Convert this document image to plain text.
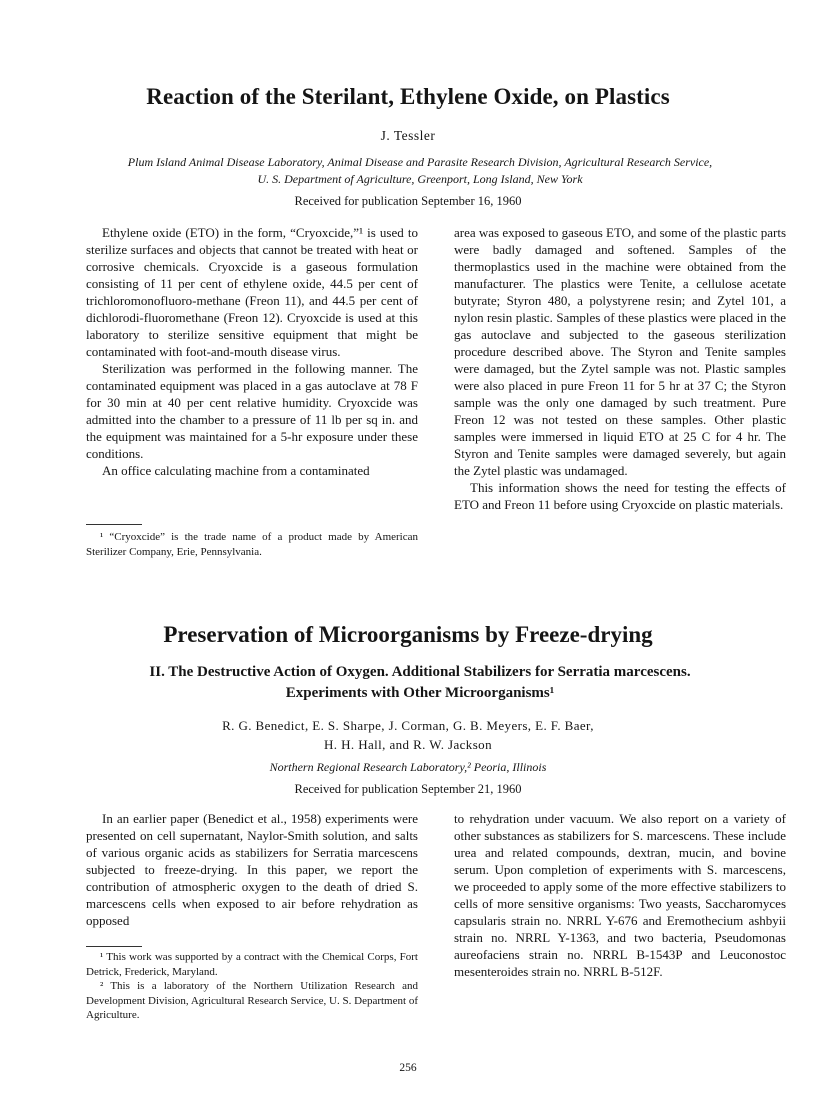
Reaction of the Sterilant, Ethylene Oxide, on Plastics
J. Tessler
Plum Island Animal Disease Laboratory, Animal Disease and Parasite Research Division, Agricultural Research Service,
U. S. Department of Agriculture, Greenport, Long Island, New York
Received for publication September 16, 1960

Ethylene oxide (ETO) in the form, “Cryoxcide,”¹ is used to sterilize surfaces and objects that cannot be treated with heat or corrosive chemicals. Cryoxcide is a gaseous formulation consisting of 11 per cent of ethylene oxide, 44.5 per cent of trichloromonofluoro-methane (Freon 11), and 44.5 per cent of dichlorodi-fluoromethane (Freon 12). Cryoxcide is used at this laboratory to sterilize sensitive equipment that might be contaminated with foot-and-mouth disease virus.

Sterilization was performed in the following manner. The contaminated equipment was placed in a gas autoclave at 78 F for 30 min at 40 per cent relative humidity. Cryoxcide was admitted into the chamber to a pressure of 11 lb per sq in. and the equipment was maintained for a 5-hr exposure under these conditions.

An office calculating machine from a contaminated

¹ “Cryoxcide” is the trade name of a product made by American Sterilizer Company, Erie, Pennsylvania.

area was exposed to gaseous ETO, and some of the plastic parts were badly damaged and softened. Samples of the thermoplastics used in the machine were obtained from the manufacturer. The plastics were Tenite, a cellulose acetate butyrate; Styron 480, a polystyrene resin; and Zytel 101, a nylon resin plastic. Samples of these plastics were placed in the gas autoclave and subjected to the gaseous sterilization procedure described above. The Styron and Tenite samples were damaged, but the Zytel sample was not. Plastic samples were also placed in pure Freon 11 for 5 hr at 37 C; the Styron sample was the only one damaged by such treatment. Pure Freon 12 was not tested on these samples. Other plastic samples were immersed in liquid ETO at 25 C for 4 hr. The Styron and Tenite samples were damaged severely, but again the Zytel plastic was undamaged.

This information shows the need for testing the effects of ETO and Freon 11 before using Cryoxcide on plastic materials.

Preservation of Microorganisms by Freeze-drying
II. The Destructive Action of Oxygen. Additional Stabilizers for Serratia marcescens.
Experiments with Other Microorganisms¹
R. G. Benedict, E. S. Sharpe, J. Corman, G. B. Meyers, E. F. Baer,
H. H. Hall, and R. W. Jackson
Northern Regional Research Laboratory,² Peoria, Illinois
Received for publication September 21, 1960

In an earlier paper (Benedict et al., 1958) experiments were presented on cell supernatant, Naylor-Smith solution, and salts of various organic acids as stabilizers for Serratia marcescens subjected to freeze-drying. In this paper, we report the contribution of atmospheric oxygen to the death of dried S. marcescens cells when exposed to air before rehydration as opposed

¹ This work was supported by a contract with the Chemical Corps, Fort Detrick, Frederick, Maryland.

² This is a laboratory of the Northern Utilization Research and Development Division, Agricultural Research Service, U. S. Department of Agriculture.

to rehydration under vacuum. We also report on a variety of other substances as stabilizers for S. marcescens. These include urea and related compounds, dextran, mucin, and bovine serum. Upon completion of experiments with S. marcescens, we proceeded to apply some of the more effective stabilizers to cells of more sensitive organisms: Two yeasts, Saccharomyces capsularis strain no. NRRL Y-676 and Eremothecium ashbyii strain no. NRRL Y-1363, and two bacteria, Pseudomonas aureofaciens strain no. NRRL B-1543P and Leuconostoc mesenteroides strain no. NRRL B-512F.

256
